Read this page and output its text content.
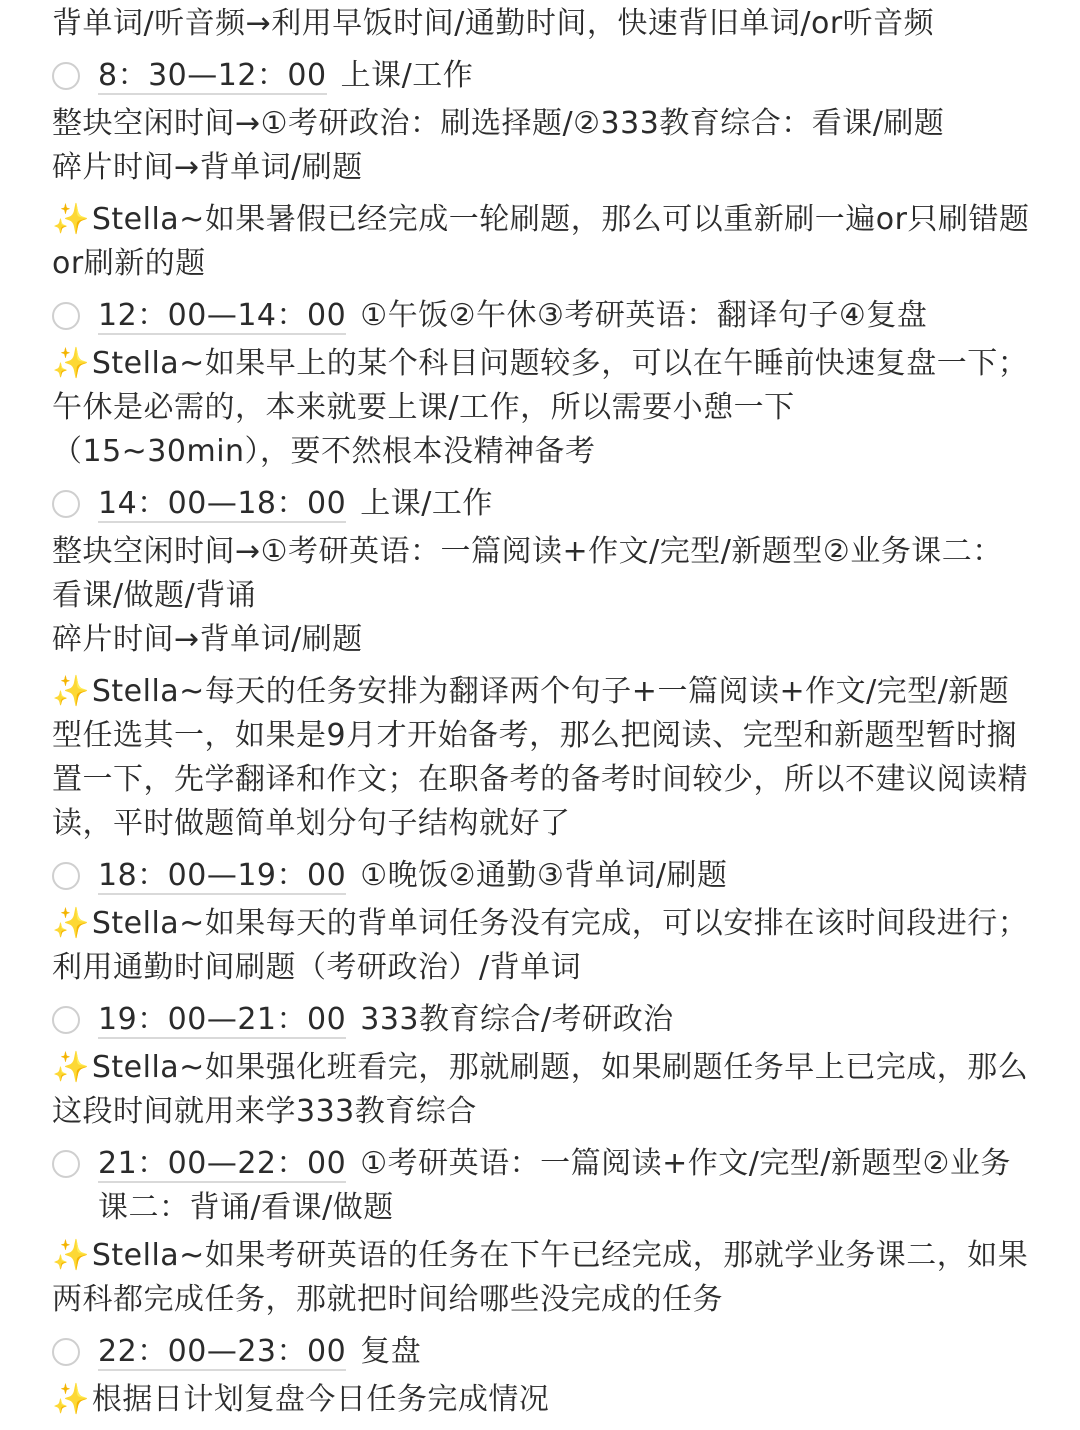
背单词/听音频→利用早饭时间/通勤时间，快速背旧单词/or听音频

8：30—12：00 上课/工作

整块空闲时间→①考研政治：刷选择题/②333教育综合：看课/刷题

碎片时间→背单词/刷题

✨Stella~如果暑假已经完成一轮刷题，那么可以重新刷一遍or只刷错题or刷新的题

12：00—14：00 ①午饭②午休③考研英语：翻译句子④复盘

✨Stella~如果早上的某个科目问题较多，可以在午睡前快速复盘一下；午休是必需的，本来就要上课/工作，所以需要小憩一下（15~30min），要不然根本没精神备考

14：00—18：00 上课/工作

整块空闲时间→①考研英语：一篇阅读+作文/完型/新题型②业务课二：看课/做题/背诵

碎片时间→背单词/刷题

✨Stella~每天的任务安排为翻译两个句子+一篇阅读+作文/完型/新题型任选其一，如果是9月才开始备考，那么把阅读、完型和新题型暂时搁置一下，先学翻译和作文；在职备考的备考时间较少，所以不建议阅读精读，平时做题简单划分句子结构就好了

18：00—19：00 ①晚饭②通勤③背单词/刷题

✨Stella~如果每天的背单词任务没有完成，可以安排在该时间段进行；利用通勤时间刷题（考研政治）/背单词

19：00—21：00 333教育综合/考研政治

✨Stella~如果强化班看完，那就刷题，如果刷题任务早上已完成，那么这段时间就用来学333教育综合

21：00—22：00 ①考研英语：一篇阅读+作文/完型/新题型②业务课二：背诵/看课/做题

✨Stella~如果考研英语的任务在下午已经完成，那就学业务课二，如果两科都完成任务，那就把时间给哪些没完成的任务

22：00—23：00 复盘

✨根据日计划复盘今日任务完成情况
